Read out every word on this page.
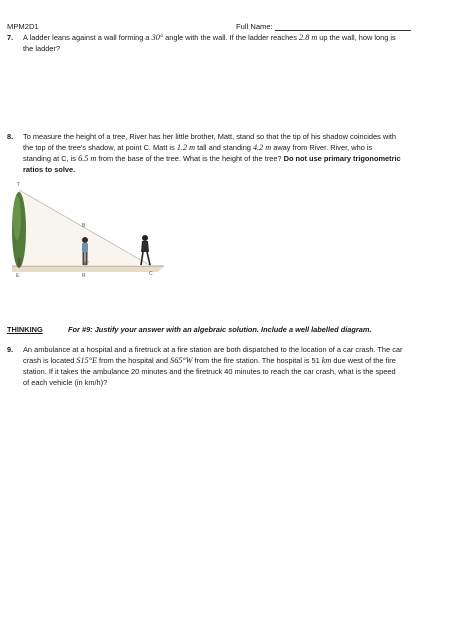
MPM2D1	Full Name:
7. A ladder leans against a wall forming a 30° angle with the wall. If the ladder reaches 2.8 m up the wall, how long is
the ladder?
8. To measure the height of a tree, River has her little brother, Matt, stand so that the tip of his shadow coincides with
the top of the tree's shadow, at point C. Matt is 1.2 m tall and standing 4.2 m away from River. River, who is
standing at C, is 6.5 m from the base of the tree. What is the height of the tree? Do not use primary trigonometric
ratios to solve.
T
B
E	R	C
THINKING	For #9: Justify your answer with an algebraic solution. Include a well labelled diagram.
9. An ambulance at a hospital and a firetruck at a fire station are both dispatched to the location of a car crash. The car
crash is located S15°E from the hospital and S65°W from the fire station. The hospital is 51 km due west of the fire
station. If it takes the ambulance 20 minutes and the firetruck 40 minutes to reach the car crash, what is the speed
of each vehicle (in km/h)?
